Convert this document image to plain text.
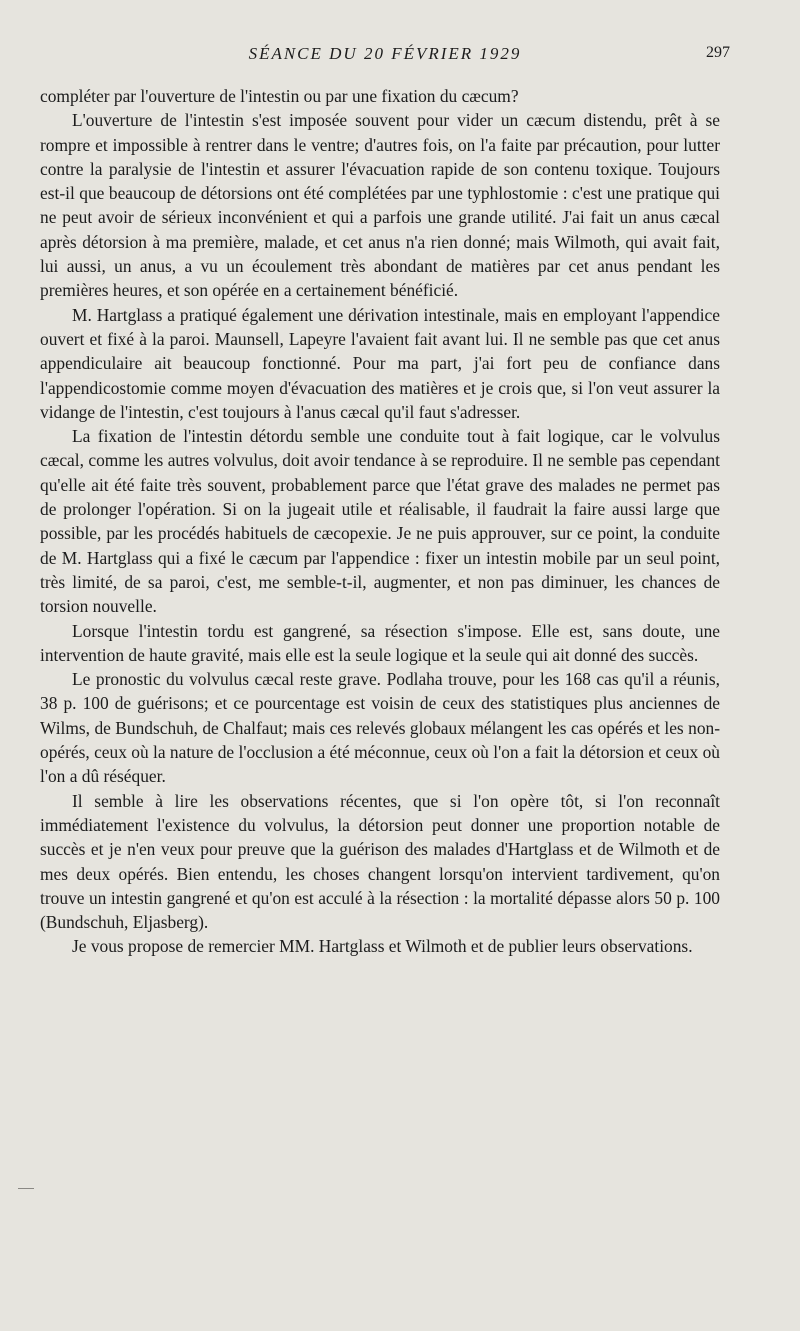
SÉANCE DU 20 FÉVRIER 1929	297

compléter par l'ouverture de l'intestin ou par une fixation du cæcum?

L'ouverture de l'intestin s'est imposée souvent pour vider un cæcum distendu, prêt à se rompre et impossible à rentrer dans le ventre; d'autres fois, on l'a faite par précaution, pour lutter contre la paralysie de l'intestin et assurer l'évacuation rapide de son contenu toxique. Toujours est-il que beaucoup de détorsions ont été complétées par une typhlostomie : c'est une pratique qui ne peut avoir de sérieux inconvénient et qui a parfois une grande utilité. J'ai fait un anus cæcal après détorsion à ma première, malade, et cet anus n'a rien donné; mais Wilmoth, qui avait fait, lui aussi, un anus, a vu un écoulement très abondant de matières par cet anus pendant les premières heures, et son opérée en a certainement bénéficié.

M. Hartglass a pratiqué également une dérivation intestinale, mais en employant l'appendice ouvert et fixé à la paroi. Maunsell, Lapeyre l'avaient fait avant lui. Il ne semble pas que cet anus appendiculaire ait beaucoup fonctionné. Pour ma part, j'ai fort peu de confiance dans l'appendicostomie comme moyen d'évacuation des matières et je crois que, si l'on veut assurer la vidange de l'intestin, c'est toujours à l'anus cæcal qu'il faut s'adresser.

La fixation de l'intestin détordu semble une conduite tout à fait logique, car le volvulus cæcal, comme les autres volvulus, doit avoir tendance à se reproduire. Il ne semble pas cependant qu'elle ait été faite très souvent, probablement parce que l'état grave des malades ne permet pas de prolonger l'opération. Si on la jugeait utile et réalisable, il faudrait la faire aussi large que possible, par les procédés habituels de cæcopexie. Je ne puis approuver, sur ce point, la conduite de M. Hartglass qui a fixé le cæcum par l'appendice : fixer un intestin mobile par un seul point, très limité, de sa paroi, c'est, me semble-t-il, augmenter, et non pas diminuer, les chances de torsion nouvelle.

Lorsque l'intestin tordu est gangrené, sa résection s'impose. Elle est, sans doute, une intervention de haute gravité, mais elle est la seule logique et la seule qui ait donné des succès.

Le pronostic du volvulus cæcal reste grave. Podlaha trouve, pour les 168 cas qu'il a réunis, 38 p. 100 de guérisons; et ce pourcentage est voisin de ceux des statistiques plus anciennes de Wilms, de Bundschuh, de Chalfaut; mais ces relevés globaux mélangent les cas opérés et les non-opérés, ceux où la nature de l'occlusion a été méconnue, ceux où l'on a fait la détorsion et ceux où l'on a dû réséquer.

Il semble à lire les observations récentes, que si l'on opère tôt, si l'on reconnaît immédiatement l'existence du volvulus, la détorsion peut donner une proportion notable de succès et je n'en veux pour preuve que la guérison des malades d'Hartglass et de Wilmoth et de mes deux opérés. Bien entendu, les choses changent lorsqu'on intervient tardivement, qu'on trouve un intestin gangrené et qu'on est acculé à la résection : la mortalité dépasse alors 50 p. 100 (Bundschuh, Eljasberg).

Je vous propose de remercier MM. Hartglass et Wilmoth et de publier leurs observations.
